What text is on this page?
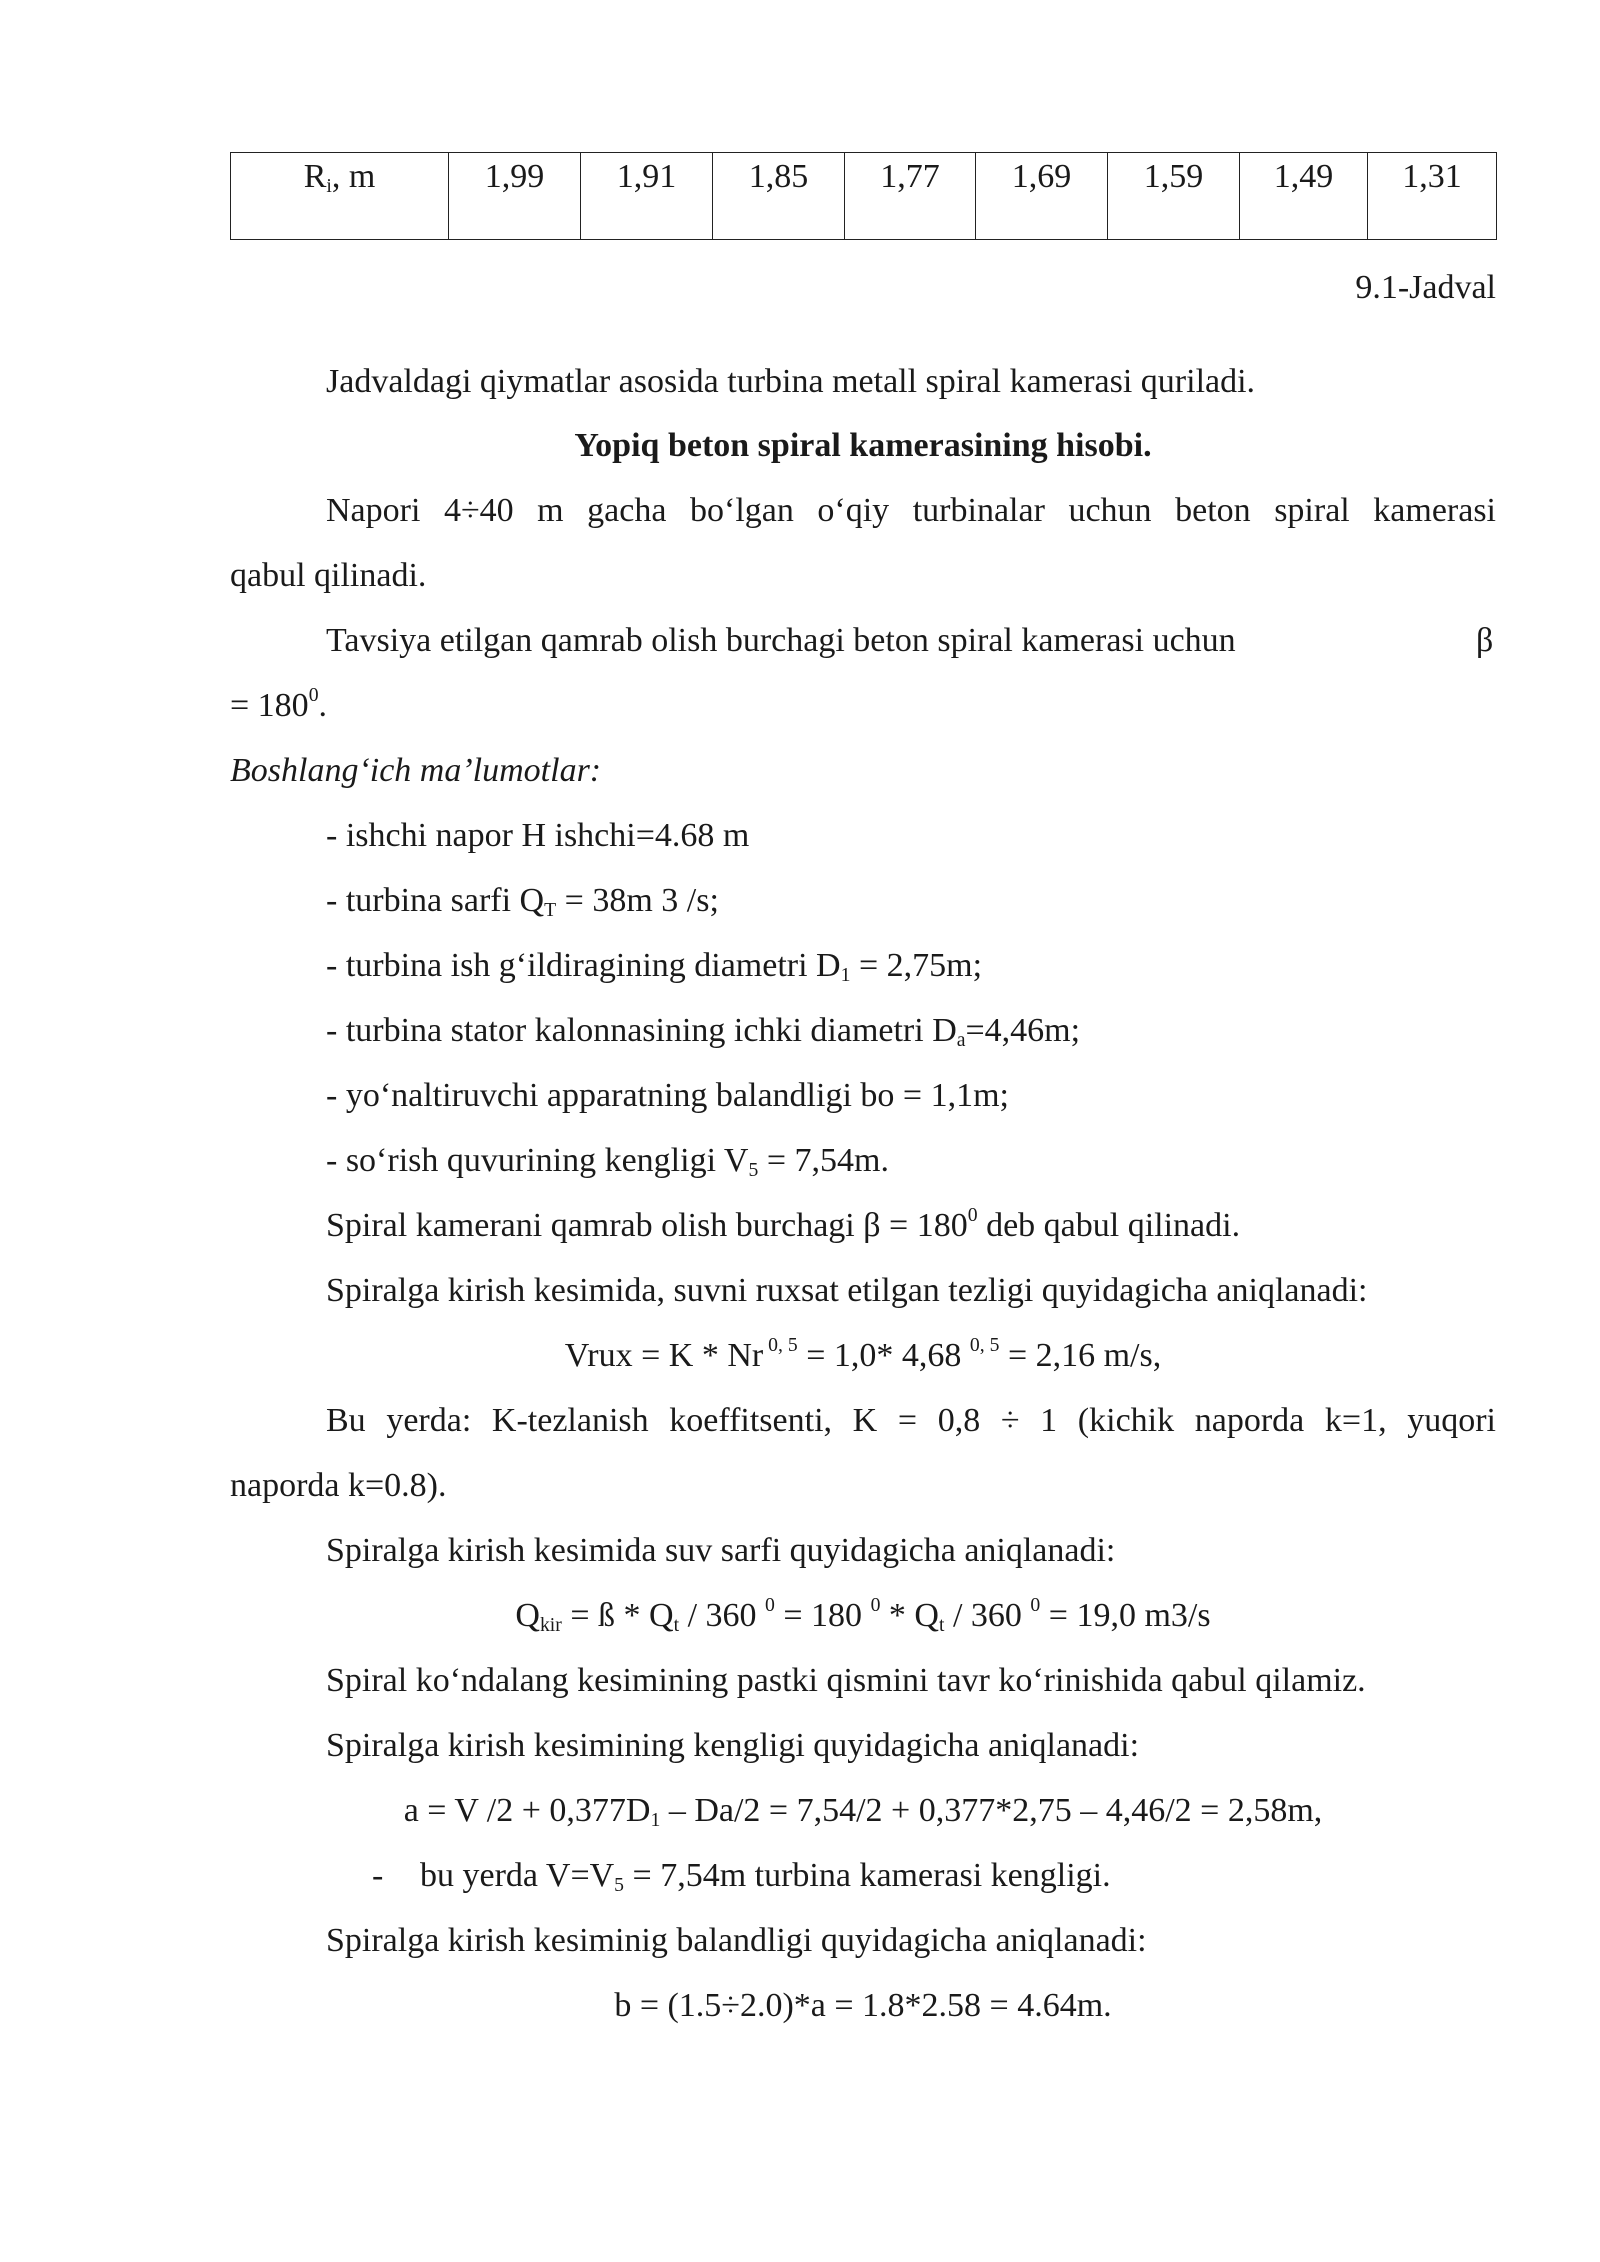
$R_i$, m	1,99	1,91	1,85	1,77	1,69	1,59	1,49	1,31
9.1-Jadval
Jadvaldagi qiymatlar asosida turbina metall spiral kamerasi quriladi.
Yopiq beton spiral kamerasining hisobi.
Napori 4÷40 m gacha bo‘lgan o‘qiy turbinalar uchun beton spiral kamerasi
qabul qilinadi.
Tavsiya etilgan qamrab olish burchagi beton spiral kamerasi uchun	β
= $180^0$.
Boshlang‘ich ma’lumotlar:
- ishchi napor H ishchi=4.68 m
- turbina sarfi $Q_T = 38m$ 3 /s;
- turbina ish g‘ildiragining diametri $D_1 = 2,75m$;
- turbina stator kalonnasining ichki diametri $D_a=4,46m$;
- yo‘naltiruvchi apparatning balandligi bo = 1,1m;
- so‘rish quvurining kengligi $V_5 = 7,54m$.
Spiral kamerani qamrab olish burchagi $\beta = 180^0$ deb qabul qilinadi.
Spiralga kirish kesimida, suvni ruxsat etilgan tezligi quyidagicha aniqlanadi:
Vrux = K * Nr $^{0, 5}$ = 1,0* 4,68 $^{0, 5}$ = 2,16 m/s,
Bu yerda: K-tezlanish koeffitsenti, K = 0,8 ÷ 1 (kichik naporda k=1, yuqori
naporda k=0.8).
Spiralga kirish kesimida suv sarfi quyidagicha aniqlanadi:
$Q_{kir}$ = ß * $Q_t / 360$ $^0$ = 180 $^0 * Q_t / 360$ $^0$ = 19,0 m3/s
Spiral ko‘ndalang kesimining pastki qismini tavr ko‘rinishida qabul qilamiz.
Spiralga kirish kesimining kengligi quyidagicha aniqlanadi:
a = V $/2 + 0,377D_1 - Da/2 = 7,54/2 + 0,377*2,75 - 4,46/2 = 2,58m$,
- bu yerda $V=V_5 = 7,54m$ turbina kamerasi kengligi.
Spiralga kirish kesiminig balandligi quyidagicha aniqlanadi:
b = (1.5÷2.0)*a = 1.8*2.58 = 4.64m.
